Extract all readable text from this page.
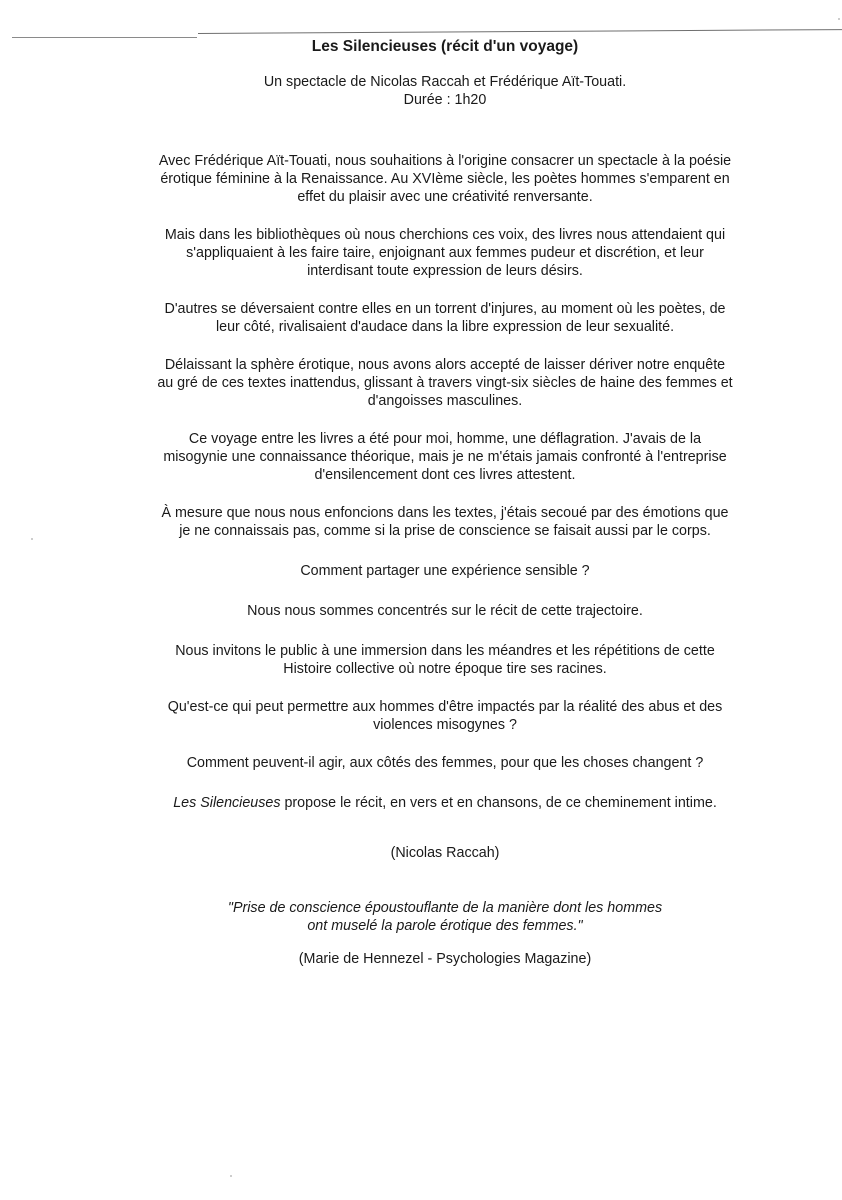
Les Silencieuses (récit d'un voyage)
Un spectacle de Nicolas Raccah et Frédérique Aït-Touati.
Durée : 1h20

Avec Frédérique Aït-Touati, nous souhaitions à l'origine consacrer un spectacle à la poésie
érotique féminine à la Renaissance. Au XVIème siècle, les poètes hommes s'emparent en
effet du plaisir avec une créativité renversante.

Mais dans les bibliothèques où nous cherchions ces voix, des livres nous attendaient qui
s'appliquaient à les faire taire, enjoignant aux femmes pudeur et discrétion, et leur
interdisant toute expression de leurs désirs.

D'autres se déversaient contre elles en un torrent d'injures, au moment où les poètes, de
leur côté, rivalisaient d'audace dans la libre expression de leur sexualité.

Délaissant la sphère érotique, nous avons alors accepté de laisser dériver notre enquête
au gré de ces textes inattendus, glissant à travers vingt-six siècles de haine des femmes et
d'angoisses masculines.

Ce voyage entre les livres a été pour moi, homme, une déflagration. J'avais de la
misogynie une connaissance théorique, mais je ne m'étais jamais confronté à l'entreprise
d'ensilencement dont ces livres attestent.

À mesure que nous nous enfoncions dans les textes, j'étais secoué par des émotions que
je ne connaissais pas, comme si la prise de conscience se faisait aussi par le corps.

Comment partager une expérience sensible ?

Nous nous sommes concentrés sur le récit de cette trajectoire.

Nous invitons le public à une immersion dans les méandres et les répétitions de cette
Histoire collective où notre époque tire ses racines.

Qu'est-ce qui peut permettre aux hommes d'être impactés par la réalité des abus et des
violences misogynes ?

Comment peuvent-il agir, aux côtés des femmes, pour que les choses changent ?

Les Silencieuses propose le récit, en vers et en chansons, de ce cheminement intime.

(Nicolas Raccah)

"Prise de conscience époustouflante de la manière dont les hommes
ont muselé la parole érotique des femmes."

(Marie de Hennezel - Psychologies Magazine)
